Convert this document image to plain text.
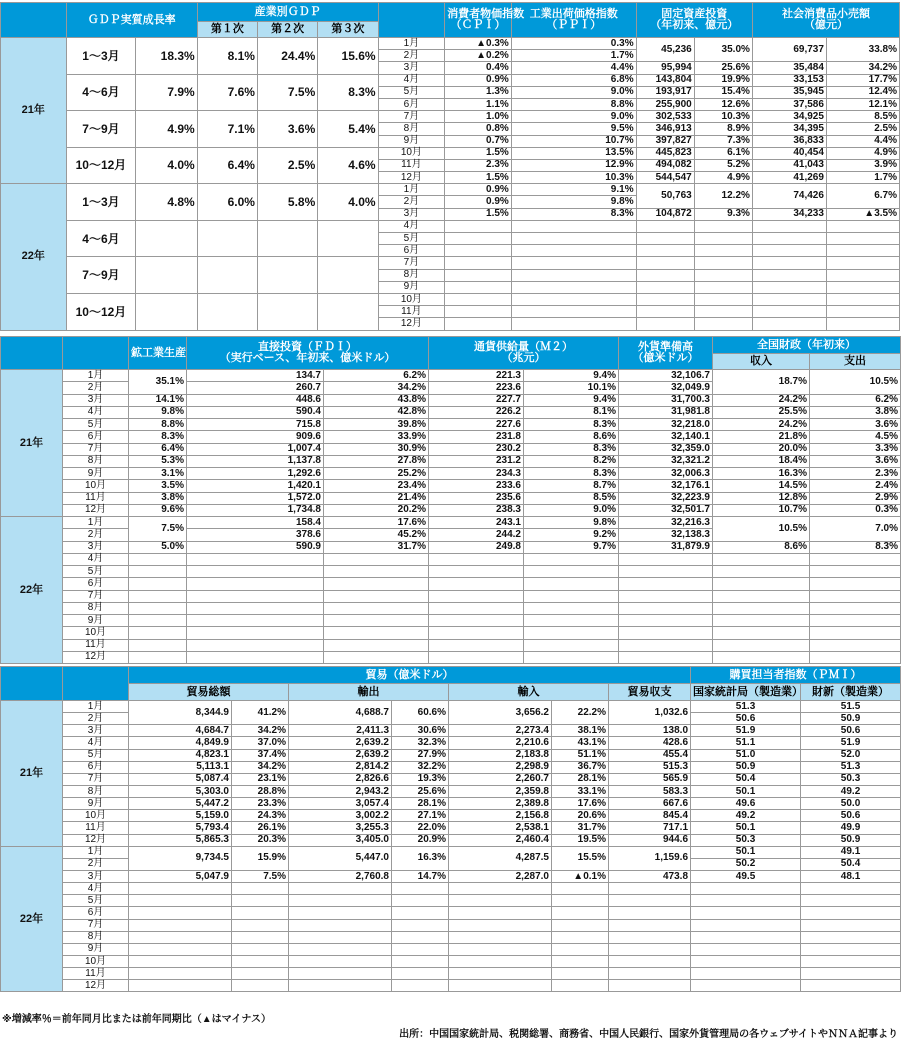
	ＧＤＰ実質成長率		産業別ＧＤＰ				消費者物価指数
（ＣＰＩ）	工業出荷価格指数
（ＰＰＩ）	固定資産投資
（年初来、億元）		社会消費品小売額
（億元）	
			第１次	第２次	第３次							
21年	1～3月	18.3%	8.1%	24.4%	15.6%	1月	▲0.3%	0.3%	45,236	35.0%	69,737	33.8%
						2月	▲0.2%	1.7%				
						3月	0.4%	4.4%	95,994	25.6%	35,484	34.2%
	4～6月	7.9%	7.6%	7.5%	8.3%	4月	0.9%	6.8%	143,804	19.9%	33,153	17.7%
						5月	1.3%	9.0%	193,917	15.4%	35,945	12.4%
						6月	1.1%	8.8%	255,900	12.6%	37,586	12.1%
	7～9月	4.9%	7.1%	3.6%	5.4%	7月	1.0%	9.0%	302,533	10.3%	34,925	8.5%
						8月	0.8%	9.5%	346,913	8.9%	34,395	2.5%
						9月	0.7%	10.7%	397,827	7.3%	36,833	4.4%
	10～12月	4.0%	6.4%	2.5%	4.6%	10月	1.5%	13.5%	445,823	6.1%	40,454	4.9%
						11月	2.3%	12.9%	494,082	5.2%	41,043	3.9%
						12月	1.5%	10.3%	544,547	4.9%	41,269	1.7%
22年	1～3月	4.8%	6.0%	5.8%	4.0%	1月	0.9%	9.1%	50,763	12.2%	74,426	6.7%
						2月	0.9%	9.8%				
						3月	1.5%	8.3%	104,872	9.3%	34,233	▲3.5%
	4～6月					4月						
						5月						
						6月						
	7～9月					7月						
						8月						
						9月						
	10～12月					10月						
						11月						
						12月						
		鉱工業生産	直接投資（ＦＤＩ）
（実行ベース、年初来、億米ドル）		通貨供給量（Ｍ２）
（兆元）		外貨準備高
（億米ドル）	全国財政（年初来）	
								収入	支出
21年	1月	35.1%	134.7	6.2%	221.3	9.4%	32,106.7	18.7%	10.5%
	2月		260.7	34.2%	223.6	10.1%	32,049.9		
	3月	14.1%	448.6	43.8%	227.7	9.4%	31,700.3	24.2%	6.2%
	4月	9.8%	590.4	42.8%	226.2	8.1%	31,981.8	25.5%	3.8%
	5月	8.8%	715.8	39.8%	227.6	8.3%	32,218.0	24.2%	3.6%
	6月	8.3%	909.6	33.9%	231.8	8.6%	32,140.1	21.8%	4.5%
	7月	6.4%	1,007.4	30.9%	230.2	8.3%	32,359.0	20.0%	3.3%
	8月	5.3%	1,137.8	27.8%	231.2	8.2%	32,321.2	18.4%	3.6%
	9月	3.1%	1,292.6	25.2%	234.3	8.3%	32,006.3	16.3%	2.3%
	10月	3.5%	1,420.1	23.4%	233.6	8.7%	32,176.1	14.5%	2.4%
	11月	3.8%	1,572.0	21.4%	235.6	8.5%	32,223.9	12.8%	2.9%
	12月	9.6%	1,734.8	20.2%	238.3	9.0%	32,501.7	10.7%	0.3%
22年	1月	7.5%	158.4	17.6%	243.1	9.8%	32,216.3	10.5%	7.0%
	2月		378.6	45.2%	244.2	9.2%	32,138.3		
	3月	5.0%	590.9	31.7%	249.8	9.7%	31,879.9	8.6%	8.3%
	4月								
	5月								
	6月								
	7月								
	8月								
	9月								
	10月								
	11月								
	12月								
		貿易（億米ドル）							購買担当者指数（ＰＭＩ）	
		貿易総額		輸出		輸入		貿易収支	国家統計局（製造業）	財新（製造業）
21年	1月	8,344.9	41.2%	4,688.7	60.6%	3,656.2	22.2%	1,032.6	51.3	51.5
	2月								50.6	50.9
	3月	4,684.7	34.2%	2,411.3	30.6%	2,273.4	38.1%	138.0	51.9	50.6
	4月	4,849.9	37.0%	2,639.2	32.3%	2,210.6	43.1%	428.6	51.1	51.9
	5月	4,823.1	37.4%	2,639.2	27.9%	2,183.8	51.1%	455.4	51.0	52.0
	6月	5,113.1	34.2%	2,814.2	32.2%	2,298.9	36.7%	515.3	50.9	51.3
	7月	5,087.4	23.1%	2,826.6	19.3%	2,260.7	28.1%	565.9	50.4	50.3
	8月	5,303.0	28.8%	2,943.2	25.6%	2,359.8	33.1%	583.3	50.1	49.2
	9月	5,447.2	23.3%	3,057.4	28.1%	2,389.8	17.6%	667.6	49.6	50.0
	10月	5,159.0	24.3%	3,002.2	27.1%	2,156.8	20.6%	845.4	49.2	50.6
	11月	5,793.4	26.1%	3,255.3	22.0%	2,538.1	31.7%	717.1	50.1	49.9
	12月	5,865.3	20.3%	3,405.0	20.9%	2,460.4	19.5%	944.6	50.3	50.9
22年	1月	9,734.5	15.9%	5,447.0	16.3%	4,287.5	15.5%	1,159.6	50.1	49.1
	2月								50.2	50.4
	3月	5,047.9	7.5%	2,760.8	14.7%	2,287.0	▲0.1%	473.8	49.5	48.1
	4月									
	5月									
	6月									
	7月									
	8月									
	9月									
	10月									
	11月									
	12月									
※増減率％＝前年同月比または前年同期比（▲はマイナス）
出所：中国国家統計局、税関総署、商務省、中国人民銀行、国家外貨管理局の各ウェブサイトやＮＮＡ記事より
